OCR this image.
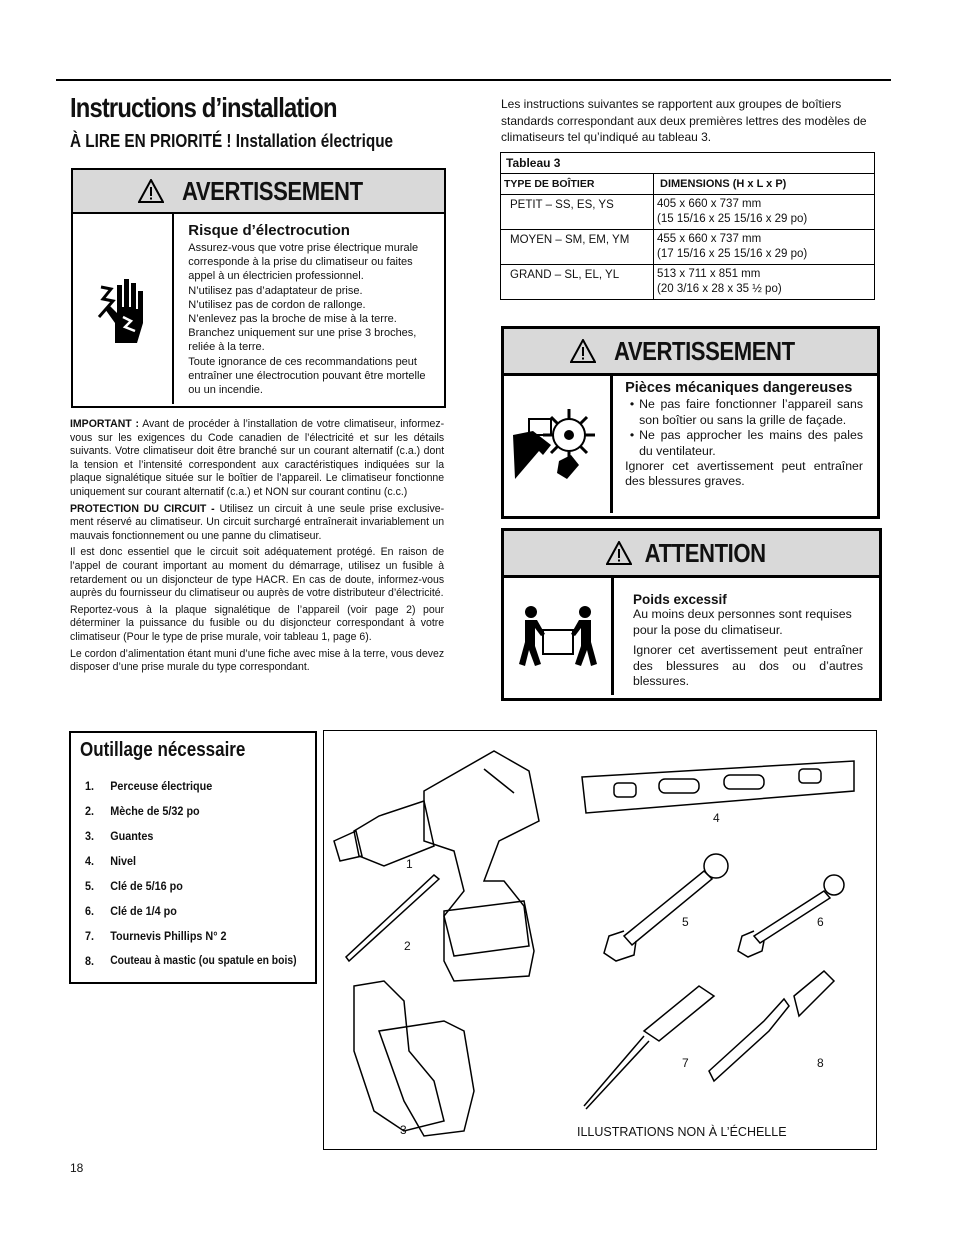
Instructions d’installation
À LIRE EN PRIORITÉ ! Installation électrique
AVERTISSEMENT
Risque d’électrocution
Assurez-vous que votre prise électrique murale corresponde à la prise du climatiseur ou faites appel à un électricien professionnel.
N’utilisez pas d’adaptateur de prise.
N’utilisez pas de cordon de rallonge.
N’enlevez pas la broche de mise à la terre.
Branchez uniquement sur une prise 3 broches, reliée à la terre.
Toute ignorance de ces recommandations peut entraîner une électrocution pouvant être mortelle ou un incendie.

IMPORTANT : Avant de procéder à l’installation de votre climatiseur, informez-vous sur les exigences du Code canadien de l’électricité et sur les détails suivants. Votre climatiseur doit être branché sur un courant alternatif (c.a.) dont la tension et l’intensité correspondent aux caractéristiques indiquées sur la plaque signalétique située sur le boîtier de l’appareil. Le climatiseur fonctionne uniquement sur courant alternatif (c.a.) et NON sur courant continu (c.c.)

PROTECTION DU CIRCUIT - Utilisez un circuit à une seule prise exclusive-ment réservé au climatiseur. Un circuit surchargé entraînerait invariablement un mauvais fonctionnement ou une panne du climatiseur.

Il est donc essentiel que le circuit soit adéquatement protégé. En raison de l’appel de courant important au moment du démarrage, utilisez un fusible à retardement ou un disjoncteur de type HACR. En cas de doute, informez-vous auprès du fournisseur du climatiseur ou auprès de votre distributeur d’électricité.

Reportez-vous à la plaque signalétique de l’appareil (voir page 2) pour déterminer la puissance du fusible ou du disjoncteur correspondant à votre climatiseur (Pour le type de prise murale, voir tableau 1, page 6).

Le cordon d’alimentation étant muni d’une fiche avec mise à la terre, vous devez disposer d’une prise murale du type correspondant.

Les instructions suivantes se rapportent aux groupes de boîtiers standards correspondant aux deux premières lettres des modèles de climatiseurs tel qu’indiqué au tableau 3.
Tableau 3	
TYPE DE BOÎTIER	DIMENSIONS (H x L x P)
PETIT – SS, ES, YS	405 x 660 x 737 mm
(15 15/16 x 25 15/16 x 29 po)

MOYEN – SM, EM, YM	455 x 660 x 737 mm
(17 15/16 x 25 15/16 x 29 po)

GRAND – SL, EL, YL	513 x 711 x 851 mm
(20 3/16 x 28 x 35 ½ po)
AVERTISSEMENT
Pièces mécaniques dangereuses
• Ne pas faire fonctionner l’appareil sans son boîtier ou sans la grille de façade.
• Ne pas approcher les mains des pales du ventilateur.
Ignorer cet avertissement peut entraîner des blessures graves.
ATTENTION
Poids excessif
Au moins deux personnes sont requises pour la pose du climatiseur.
Ignorer cet avertissement peut entraîner des blessures au dos ou d’autres blessures.
Outillage nécessaire
1.	Perceuse électrique
2.	Mèche de 5/32 po
3.	Guantes
4.	Nivel
5.	Clé de 5/16 po
6.	Clé de 1/4 po
7.	Tournevis Phillips N° 2
8.	Couteau à mastic (ou spatule en bois)
1
2
3
4
5	6
7	8
ILLUSTRATIONS NON À L’ÉCHELLE
18
